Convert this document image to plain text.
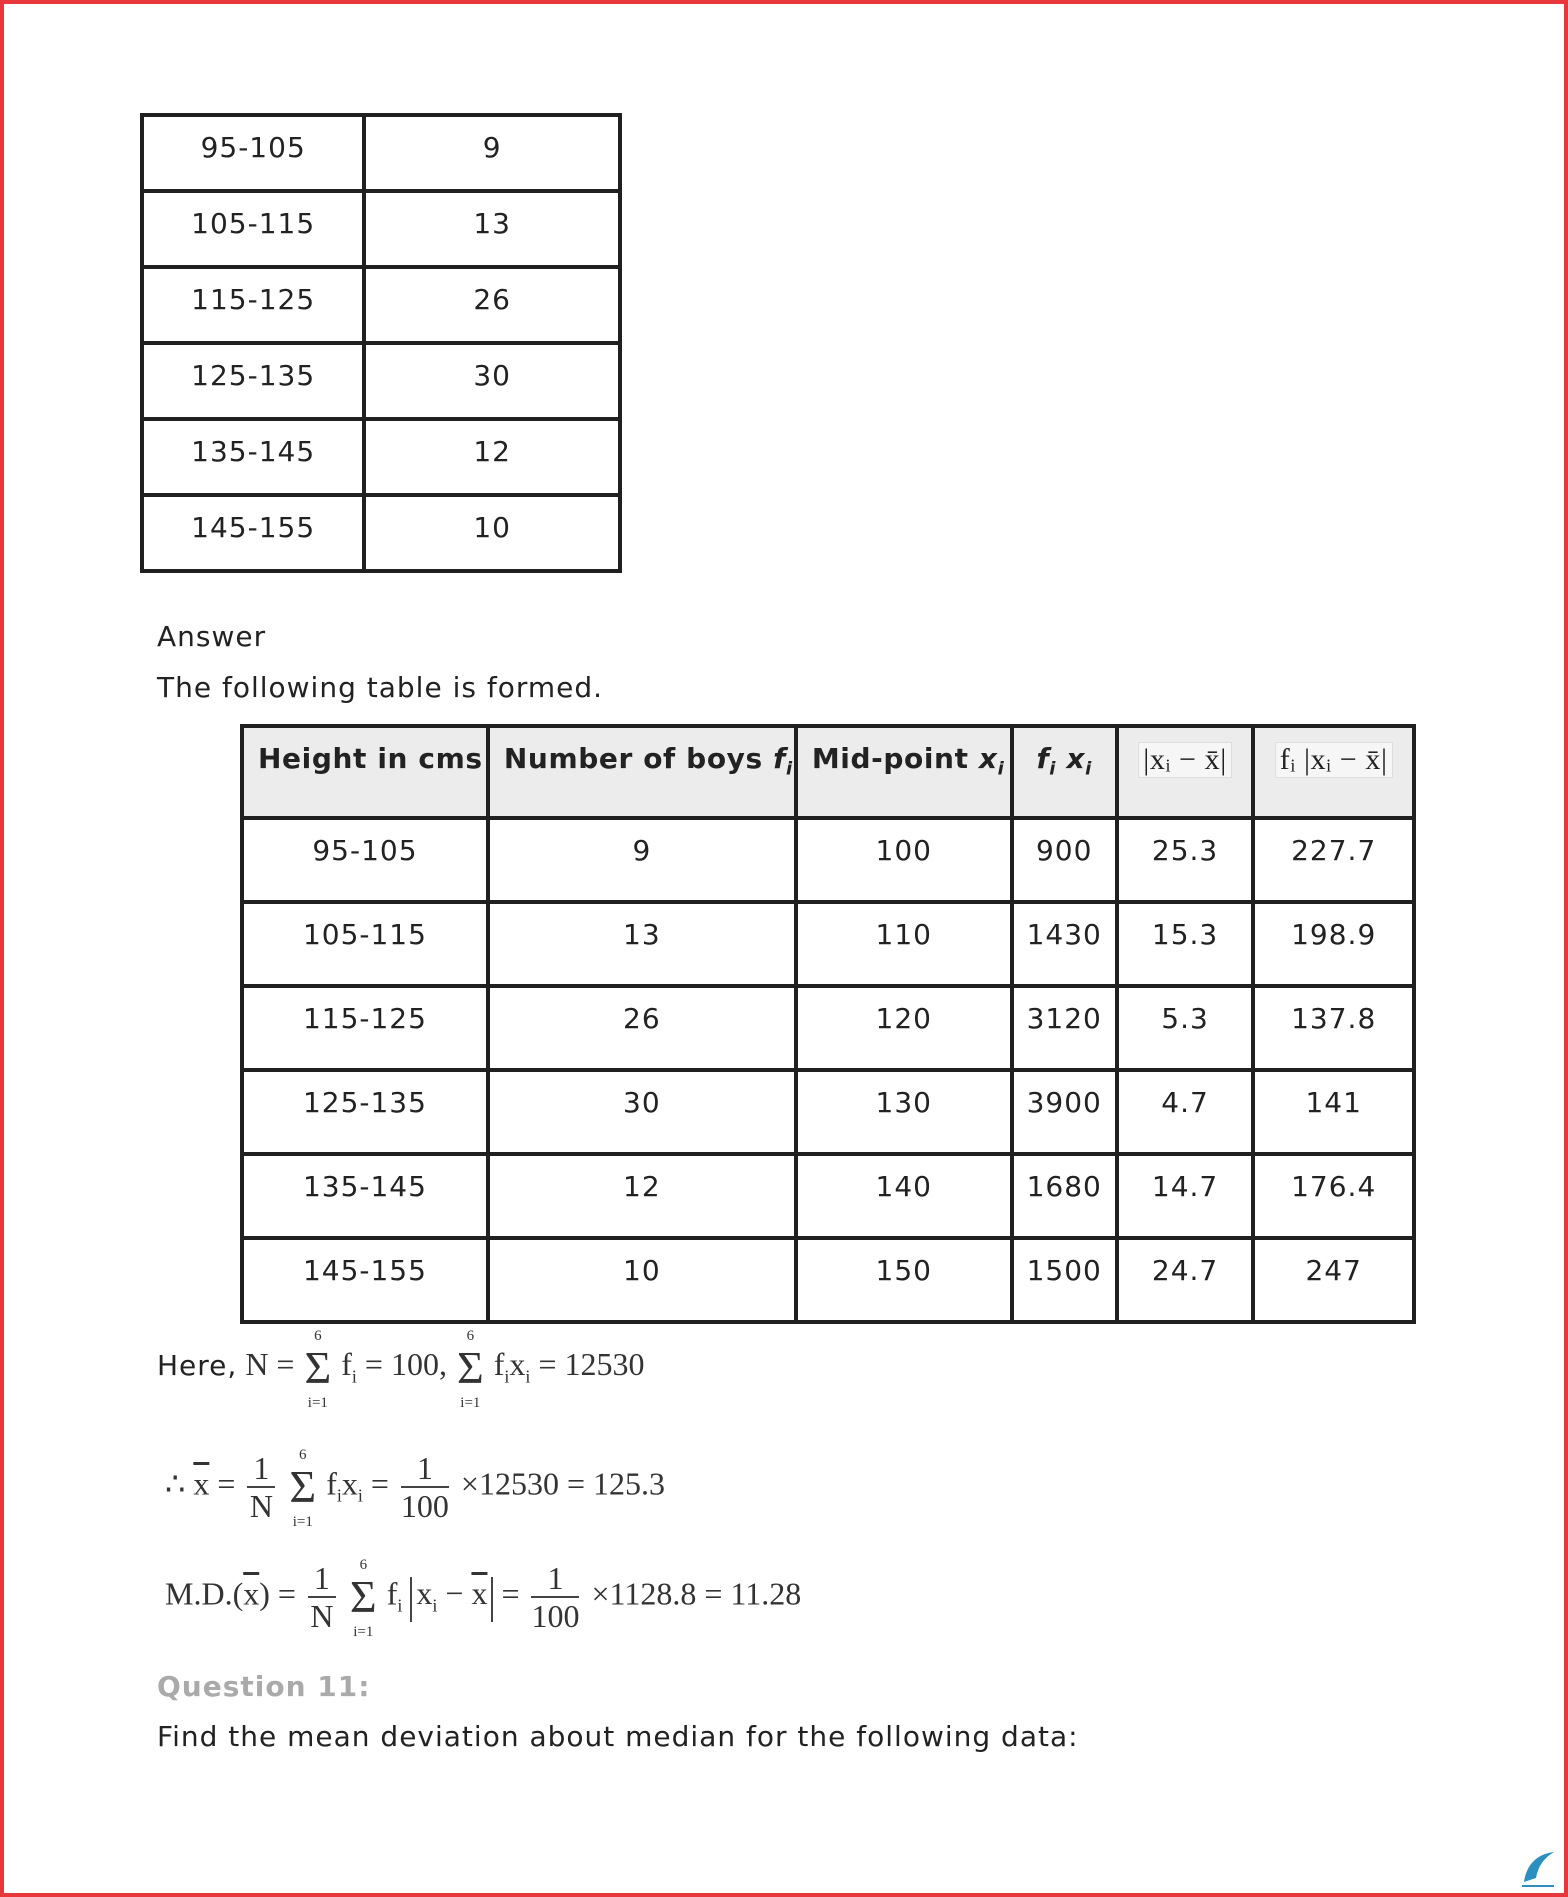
95-105	9
105-115	13
115-125	26
125-135	30
135-145	12
145-155	10
Answer
The following table is formed.
Height in cms	Number of boys $f_i$	Mid-point $x_i$	$f_i$ $x_i$	|xᵢ − x̄|	fᵢ |xᵢ − x̄|
95-105	9	100	900	25.3	227.7
105-115	13	110	1430	15.3	198.9
115-125	26	120	3120	5.3	137.8
125-135	30	130	3900	4.7	141
135-145	12	140	1680	14.7	176.4
145-155	10	150	1500	24.7	247
Here, N = Σ
6
i=1
$f_i = 100$, Σ
6
i=1
$f_ix_i = 12530$
∴ $\overline{x} = \frac{1}{N}$ Σ
6
i=1
$f_ix_i = \frac{1}{100} \times 12530 = 125.3$
$M.D.(\overline{x}) = \frac{1}{N}$ Σ
6
i=1
$f_i$ $x_i - \overline{x} = \frac{1}{100} \times 1128.8 = 11.28$
Question 11:
Find the mean deviation about median for the following data:
